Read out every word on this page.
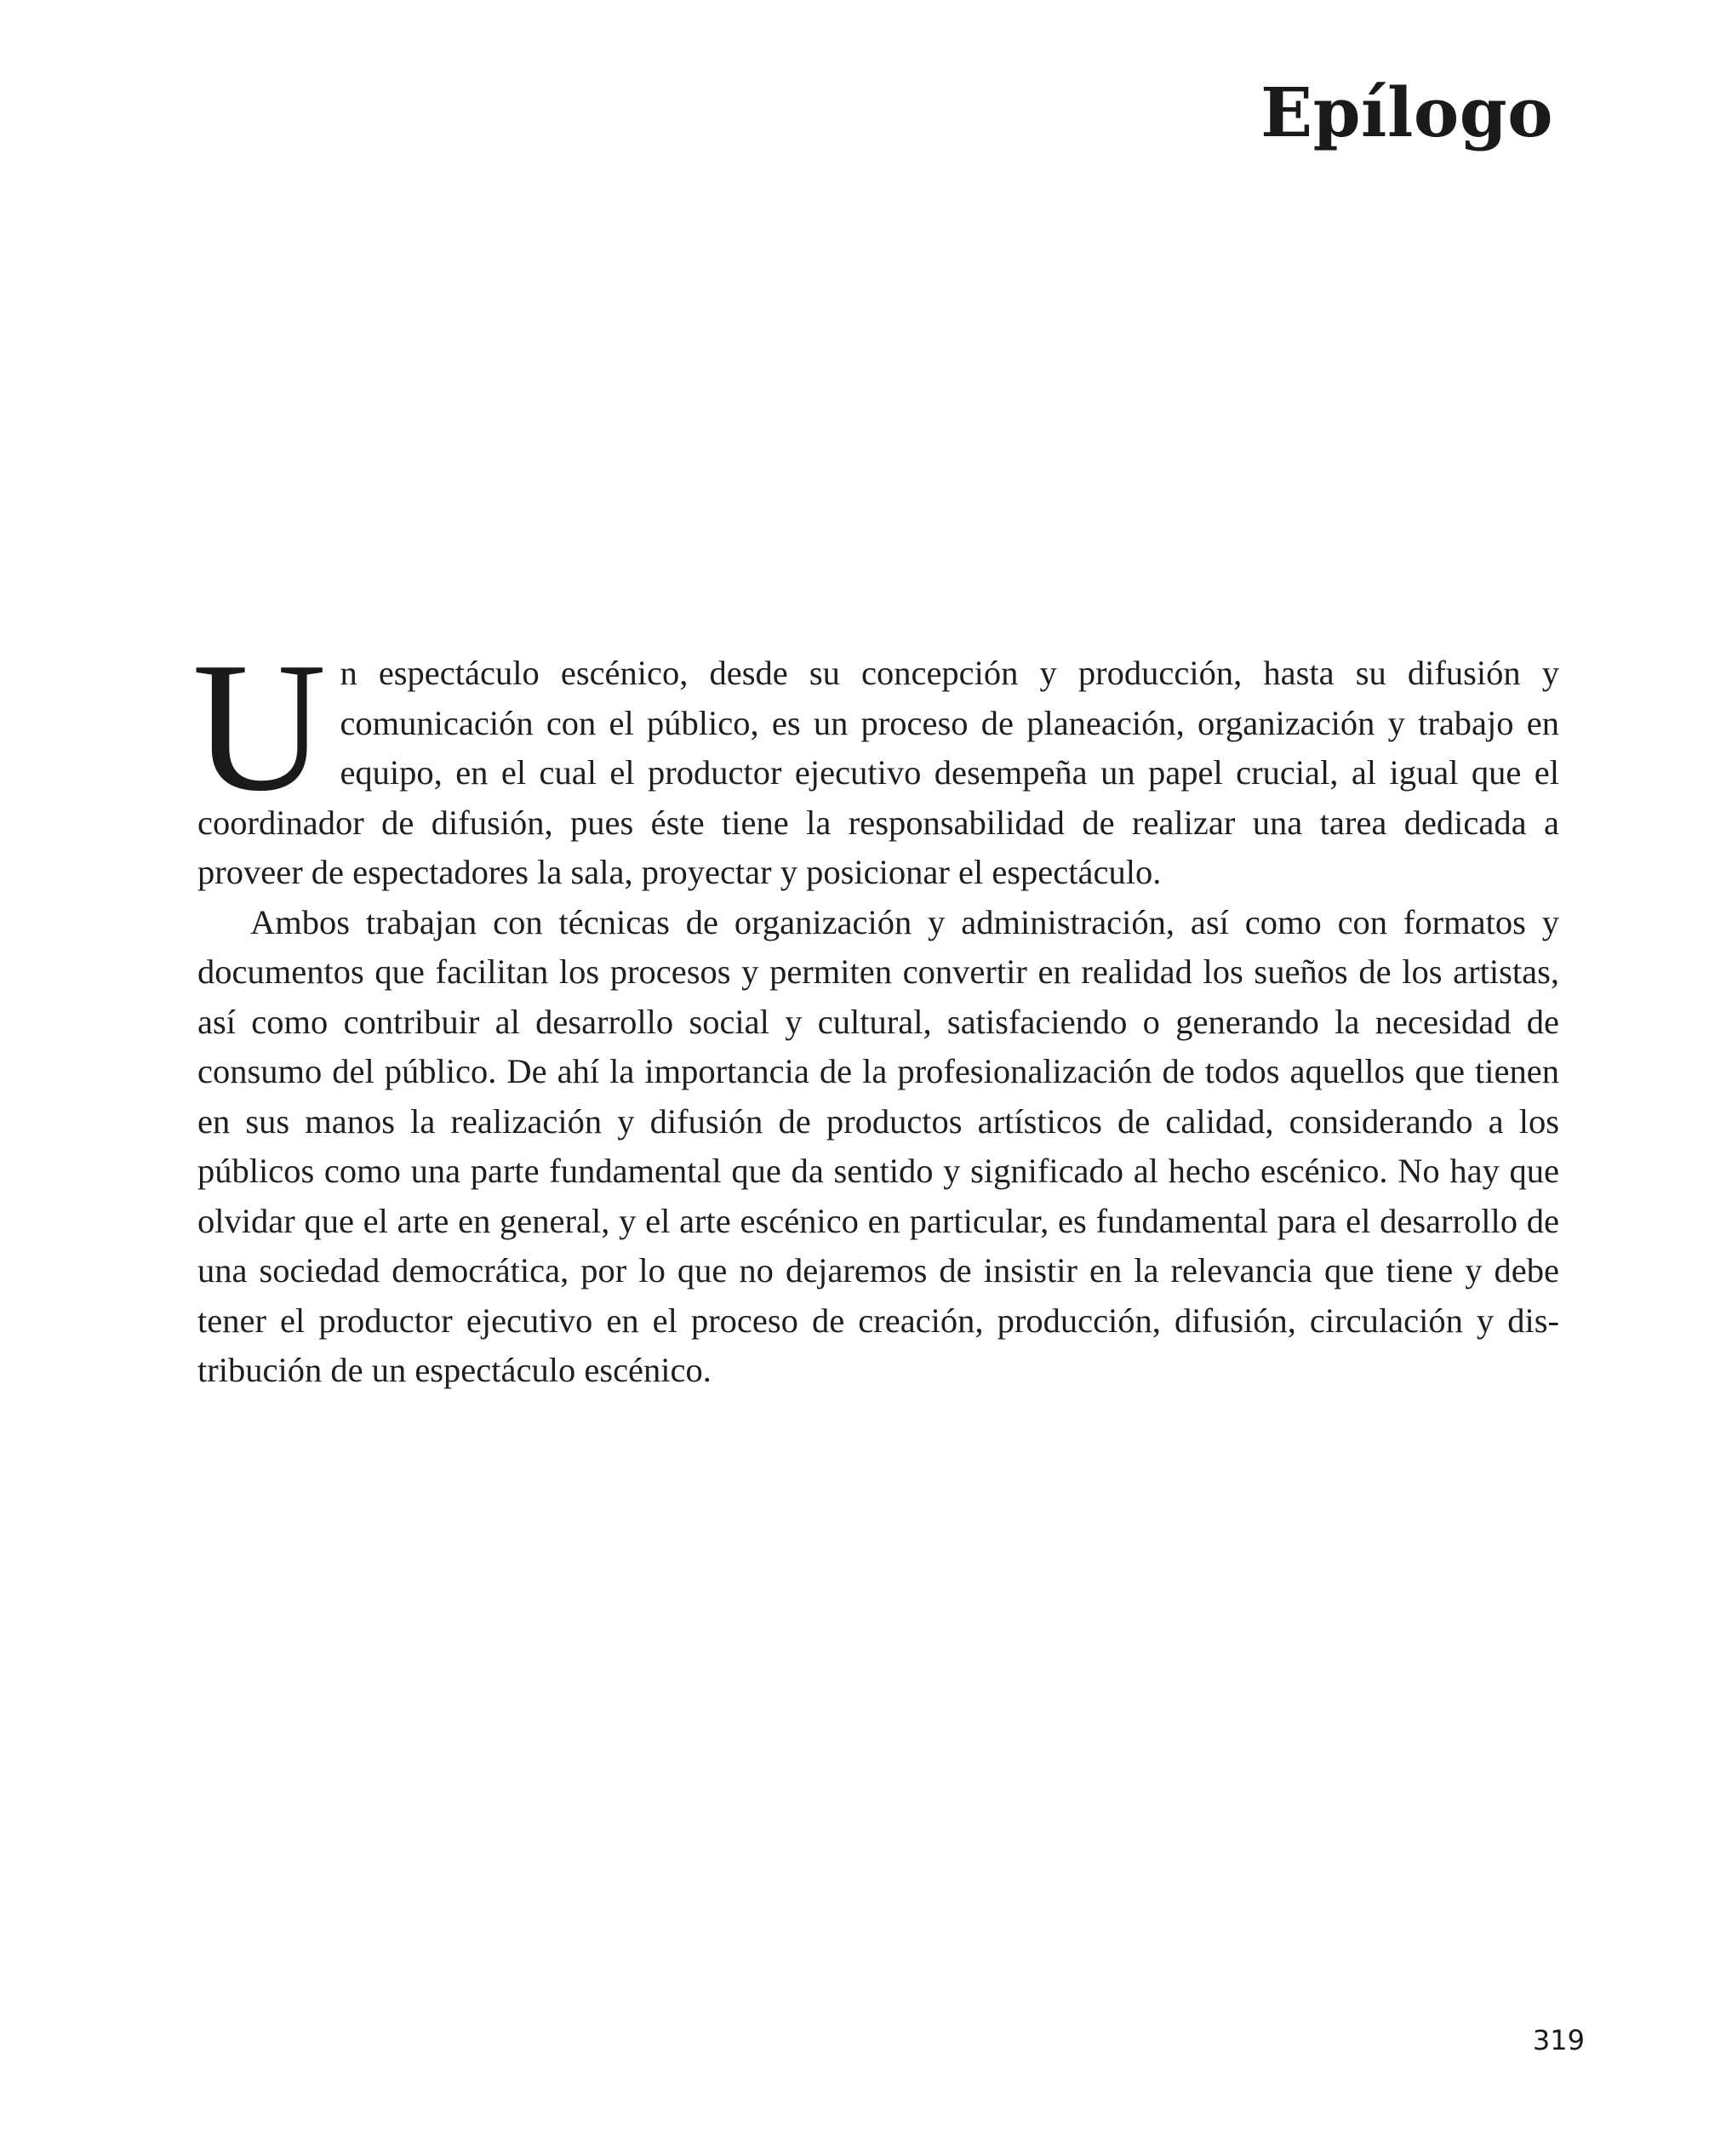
Epílogo

Un espectáculo escénico, desde su concepción y producción, hasta su difusión y comunicación con el público, es un proceso de planeación, organización y trabajo en equipo, en el cual el productor ejecutivo desempeña un papel crucial, al igual que el coordinador de difusión, pues éste tiene la responsabilidad de realizar una tarea dedicada a proveer de espectadores la sala, proyectar y posicionar el espectáculo.

Ambos trabajan con técnicas de organización y administración, así como con formatos y documentos que facilitan los procesos y permiten convertir en realidad los sueños de los artistas, así como contribuir al desarrollo social y cultural, satisfaciendo o generando la necesidad de consumo del público. De ahí la importancia de la profesionalización de todos aquellos que tienen en sus manos la realización y difusión de productos artísticos de calidad, considerando a los públicos como una parte fundamental que da sentido y significado al hecho escénico. No hay que olvidar que el arte en general, y el arte escénico en particular, es fundamental para el desarrollo de una sociedad democrática, por lo que no dejaremos de insistir en la relevancia que tiene y debe tener el productor ejecutivo en el proceso de creación, producción, difusión, circulación y distribución de un espectáculo escénico.

319
